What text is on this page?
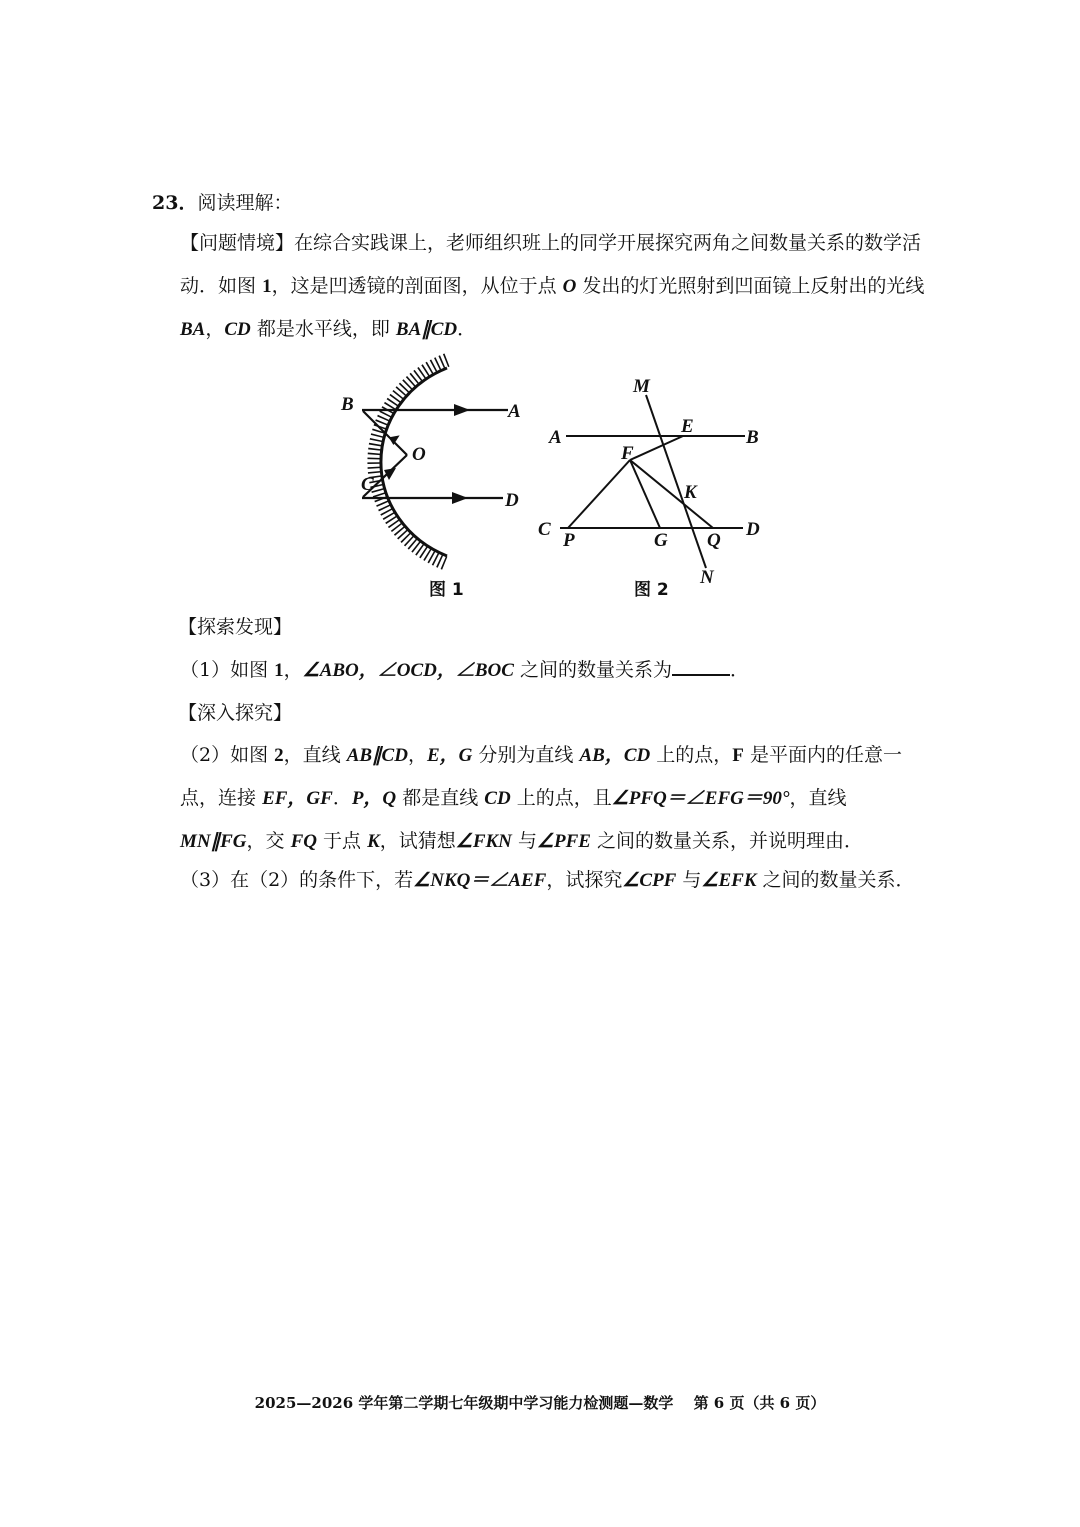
23．阅读理解：
【问题情境】在综合实践课上，老师组织班上的同学开展探究两角之间数量关系的数学活动．如图 1，这是凹透镜的剖面图，从位于点 O 发出的灯光照射到凹面镜上反射出的光线
BA，CD 都是水平线，即 BA∥CD．
B	A
O
C
D
图 1
M
A
E
B
F
K
C
P	G Q
D
N
图 2
【探索发现】
（1）如图 1，∠ABO，∠OCD，∠BOC 之间的数量关系为	．
【深入探究】
（2）如图 2，直线 AB∥CD，E，G 分别为直线 AB，CD 上的点，F 是平面内的任意一点，连接 EF，GF．P，Q 都是直线 CD 上的点，且∠PFQ＝∠EFG＝90°，直线 MN∥FG，交 FQ 于点 K，试猜想∠FKN 与∠PFE 之间的数量关系，并说明理由．
（3）在（2）的条件下，若∠NKQ＝∠AEF，试探究∠CPF 与∠EFK 之间的数量关系．
2025—2026 学年第二学期七年级期中学习能力检测题—数学　 第 6 页（共 6 页）
